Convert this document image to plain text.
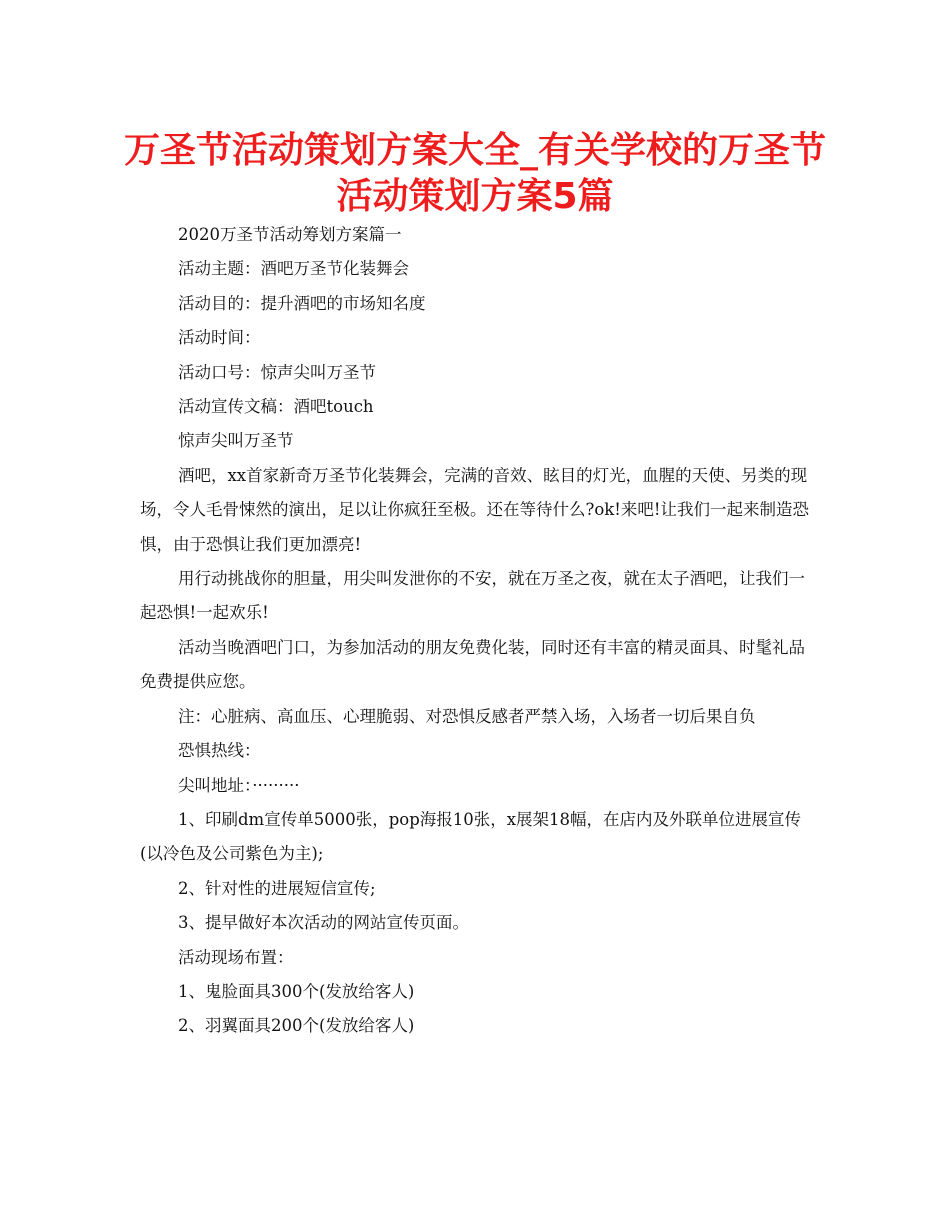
万圣节活动策划方案大全_有关学校的万圣节活动策划方案5篇

2020万圣节活动筹划方案篇一

活动主题：酒吧万圣节化装舞会

活动目的：提升酒吧的市场知名度

活动时间：

活动口号：惊声尖叫万圣节

活动宣传文稿：酒吧touch

惊声尖叫万圣节

酒吧，xx首家新奇万圣节化装舞会，完满的音效、眩目的灯光，血腥的天使、另类的现场，令人毛骨悚然的演出，足以让你疯狂至极。还在等待什么?ok!来吧!让我们一起来制造恐惧，由于恐惧让我们更加漂亮!

用行动挑战你的胆量，用尖叫发泄你的不安，就在万圣之夜，就在太子酒吧，让我们一起恐惧!一起欢乐!

活动当晚酒吧门口，为参加活动的朋友免费化装，同时还有丰富的精灵面具、时髦礼品免费提供应您。

注：心脏病、高血压、心理脆弱、对恐惧反感者严禁入场，入场者一切后果自负

恐惧热线：

尖叫地址：·········

1、印刷dm宣传单5000张，pop海报10张，x展架18幅，在店内及外联单位进展宣传(以冷色及公司紫色为主);

2、针对性的进展短信宣传;

3、提早做好本次活动的网站宣传页面。

活动现场布置：

1、鬼脸面具300个(发放给客人)

2、羽翼面具200个(发放给客人)
